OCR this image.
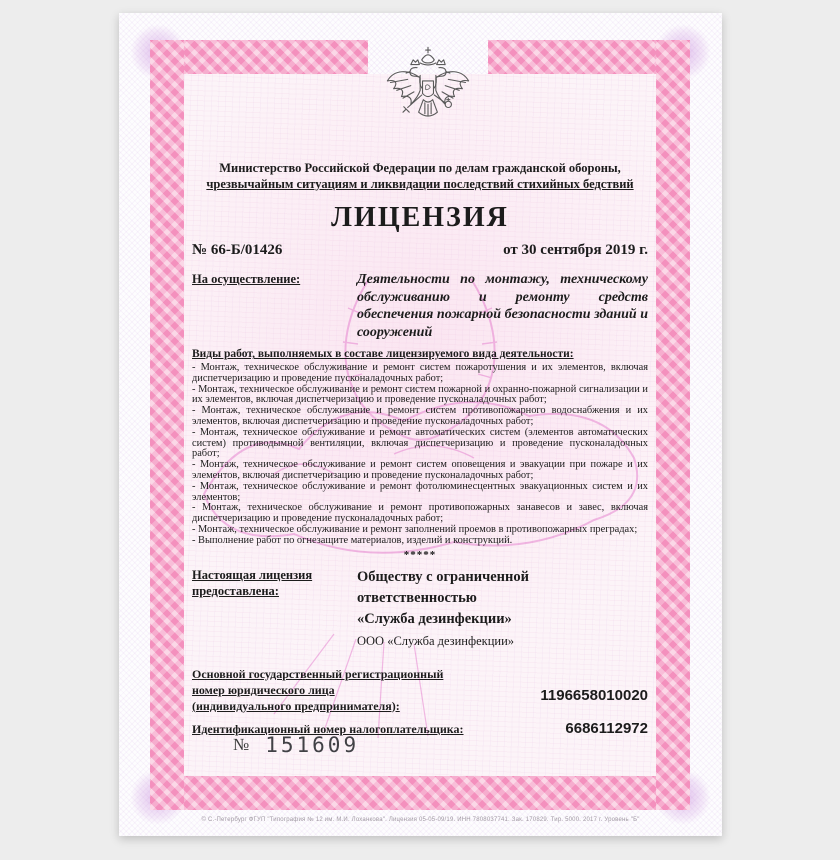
Министерство Российской Федерации по делам гражданской обороны,
чрезвычайным ситуациям и ликвидации последствий стихийных бедствий
ЛИЦЕНЗИЯ
№ 66-Б/01426	от 30 сентября 2019 г.
На осуществление:	Деятельности по монтажу, техническому обслуживанию и ремонту средств обеспечения пожарной безопасности зданий и сооружений
Виды работ, выполняемых в составе лицензируемого вида деятельности:
- Монтаж, техническое обслуживание и ремонт систем пожаротушения и их элементов, включая диспетчеризацию и проведение пусконаладочных работ;
- Монтаж, техническое обслуживание и ремонт систем пожарной и охранно-пожарной сигнализации и их элементов, включая диспетчеризацию и проведение пусконаладочных работ;
- Монтаж, техническое обслуживание и ремонт систем противопожарного водоснабжения и их элементов, включая диспетчеризацию и проведение пусконаладочных работ;
- Монтаж, техническое обслуживание и ремонт автоматических систем (элементов автоматических систем) противодымной вентиляции, включая диспетчеризацию и проведение пусконаладочных работ;
- Монтаж, техническое обслуживание и ремонт систем оповещения и эвакуации при пожаре и их элементов, включая диспетчеризацию и проведение пусконаладочных работ;
- Монтаж, техническое обслуживание и ремонт фотолюминесцентных эвакуационных систем и их элементов;
- Монтаж, техническое обслуживание и ремонт противопожарных занавесов и завес, включая диспетчеризацию и проведение пусконаладочных работ;
- Монтаж, техническое обслуживание и ремонт заполнений проемов в противопожарных преградах;
- Выполнение работ по огнезащите материалов, изделий и конструкций.
*****
Настоящая лицензия
предоставлена:
Обществу с ограниченной ответственностью
«Служба дезинфекции»
ООО «Служба дезинфекции»
Основной государственный регистрационный
номер юридического лица
(индивидуального предпринимателя):
1196658010020
Идентификационный номер налогоплательщика:	6686112972
№ 151609
© С.-Петербург ФГУП "Типография № 12 им. М.И. Лоханкова". Лицензия 05-05-09/19. ИНН 7808037741. Зак. 170829. Тир. 5000. 2017 г. Уровень "Б"
